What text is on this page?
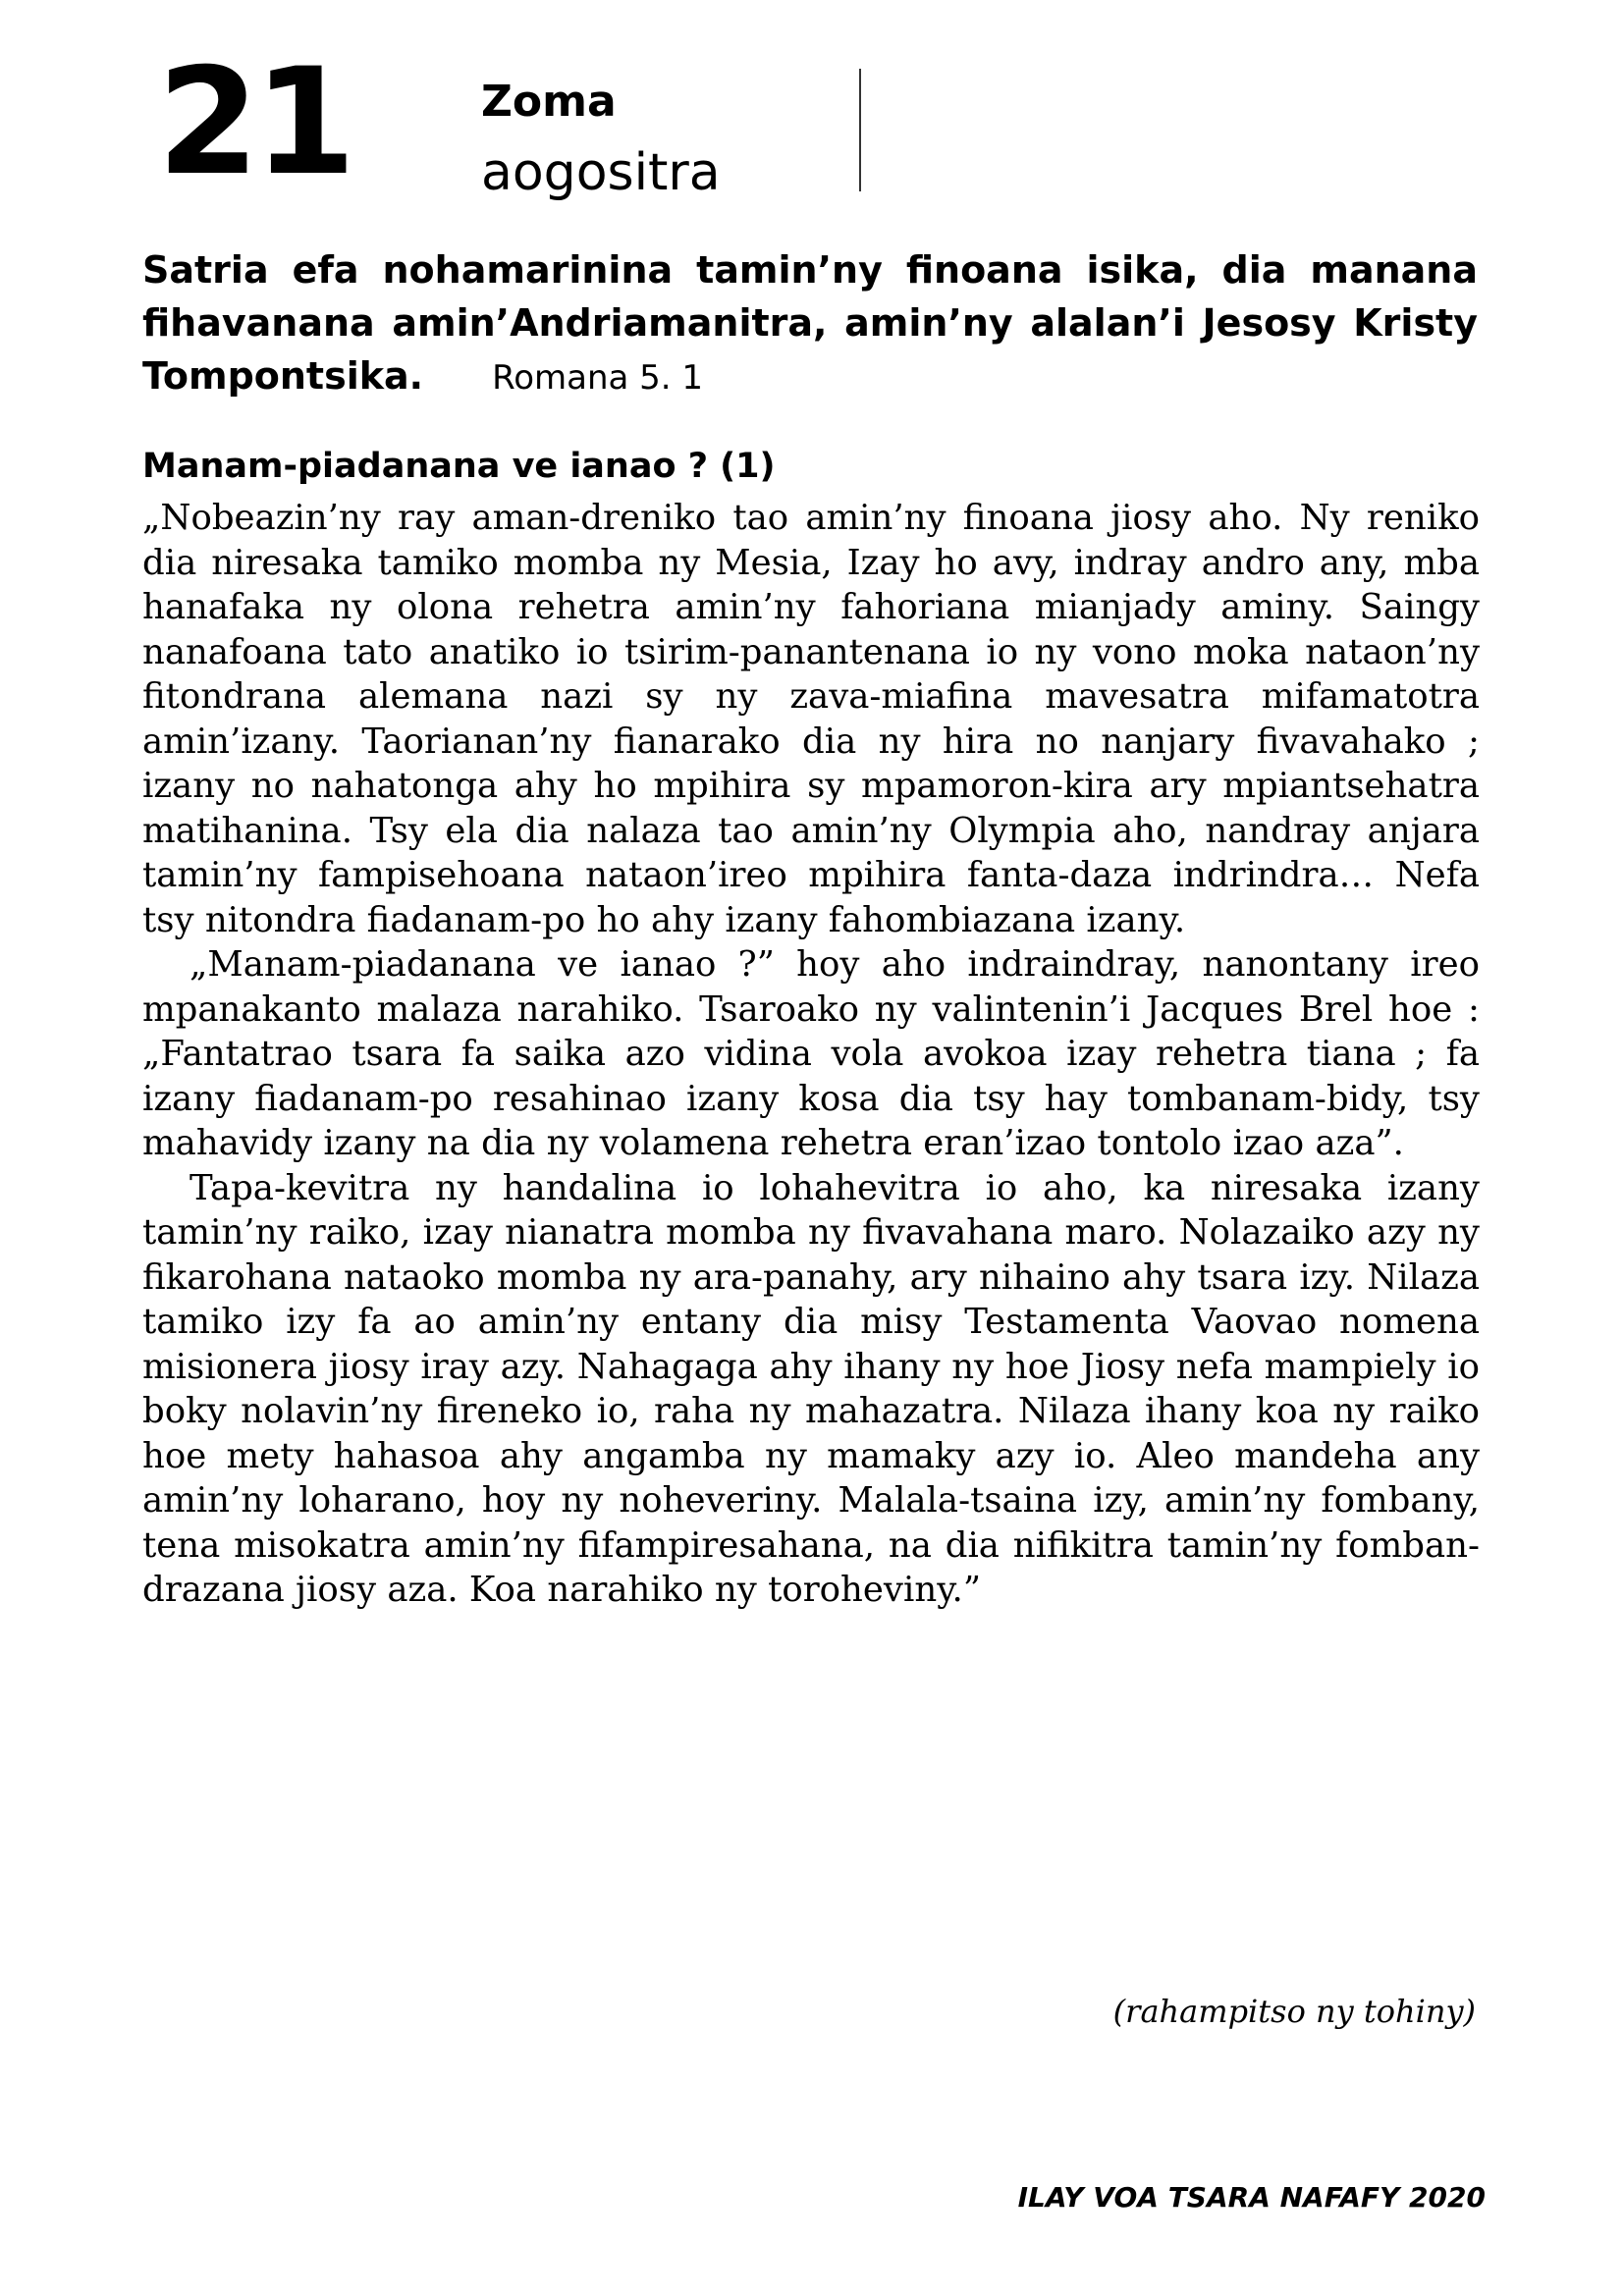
21	Zoma
aogositra
Satria efa nohamarinina tamin’ny finoana isika, dia manana fihavanana amin’Andriamanitra, amin’ny alalan’i Jesosy Kristy Tompontsika. Romana 5. 1
Manam-piadanana ve ianao ? (1)

„Nobeazin’ny ray aman-dreniko tao amin’ny finoana jiosy aho. Ny reniko dia niresaka tamiko momba ny Mesia, Izay ho avy, indray andro any, mba hanafaka ny olona rehetra amin’ny fahoriana mianjady aminy. Saingy nanafoana tato anatiko io tsirim-panantenana io ny vono moka nataon’ny fitondrana alemana nazi sy ny zava-miafina mavesatra mifamatotra amin’izany. Taorianan’ny fianarako dia ny hira no nanjary fivavahako ; izany no nahatonga ahy ho mpihira sy mpamoron-kira ary mpiantsehatra matihanina. Tsy ela dia nalaza tao amin’ny Olympia aho, nandray anjara tamin’ny fampisehoana nataon’ireo mpihira fanta-daza indrindra… Nefa tsy nitondra fiadanam-po ho ahy izany fahombiazana izany.

„Manam-piadanana ve ianao ?” hoy aho indraindray, nanontany ireo mpanakanto malaza narahiko. Tsaroako ny valintenin’i Jacques Brel hoe : „Fantatrao tsara fa saika azo vidina vola avokoa izay rehetra tiana ; fa izany fiadanam-po resahinao izany kosa dia tsy hay tombanam-bidy, tsy mahavidy izany na dia ny volamena rehetra eran’izao tontolo izao aza”.

Tapa-kevitra ny handalina io lohahevitra io aho, ka niresaka izany tamin’ny raiko, izay nianatra momba ny fivavahana maro. Nolazaiko azy ny fikarohana nataoko momba ny ara-panahy, ary nihaino ahy tsara izy. Nilaza tamiko izy fa ao amin’ny entany dia misy Testamenta Vaovao nomena misionera jiosy iray azy. Nahagaga ahy ihany ny hoe Jiosy nefa mampiely io boky nolavin’ny fireneko io, raha ny mahazatra. Nilaza ihany koa ny raiko hoe mety hahasoa ahy angamba ny mamaky azy io. Aleo mandeha any amin’ny loharano, hoy ny noheveriny. Malala-tsaina izy, amin’ny fombany, tena misokatra amin’ny fifampiresahana, na dia nifikitra tamin’ny fomban-drazana jiosy aza. Koa narahiko ny toroheviny.”

(rahampitso ny tohiny)
ILAY VOA TSARA NAFAFY 2020
